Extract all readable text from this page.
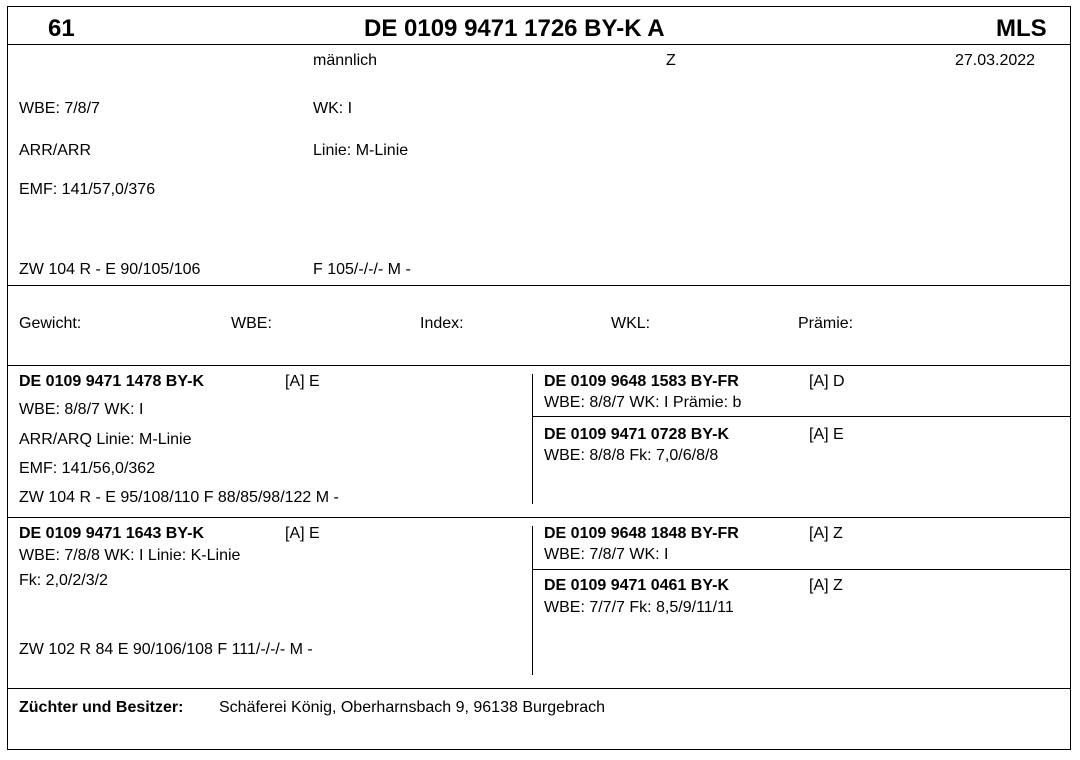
61	DE 0109 9471 1726 BY-K A	MLS
männlich	Z	27.03.2022
WBE: 7/8/7	WK: I
ARR/ARR	Linie: M-Linie
EMF: 141/57,0/376
ZW 104 R - E 90/105/106	F 105/-/-/- M -
Gewicht:	WBE:	Index:	WKL:	Prämie:
DE 0109 9471 1478 BY-K	[A] E
WBE: 8/8/7 WK: I
ARR/ARQ Linie: M-Linie
EMF: 141/56,0/362
ZW 104 R - E 95/108/110 F 88/85/98/122 M -
DE 0109 9648 1583 BY-FR	[A] D
WBE: 8/8/7 WK: I Prämie: b
DE 0109 9471 0728 BY-K	[A] E
WBE: 8/8/8 Fk: 7,0/6/8/8
DE 0109 9471 1643 BY-K	[A] E
WBE: 7/8/8 WK: I Linie: K-Linie
Fk: 2,0/2/3/2
ZW 102 R 84 E 90/106/108 F 111/-/-/- M -
DE 0109 9648 1848 BY-FR	[A] Z
WBE: 7/8/7 WK: I
DE 0109 9471 0461 BY-K	[A] Z
WBE: 7/7/7 Fk: 8,5/9/11/11
Züchter und Besitzer: Schäferei König, Oberharnsbach 9, 96138 Burgebrach
